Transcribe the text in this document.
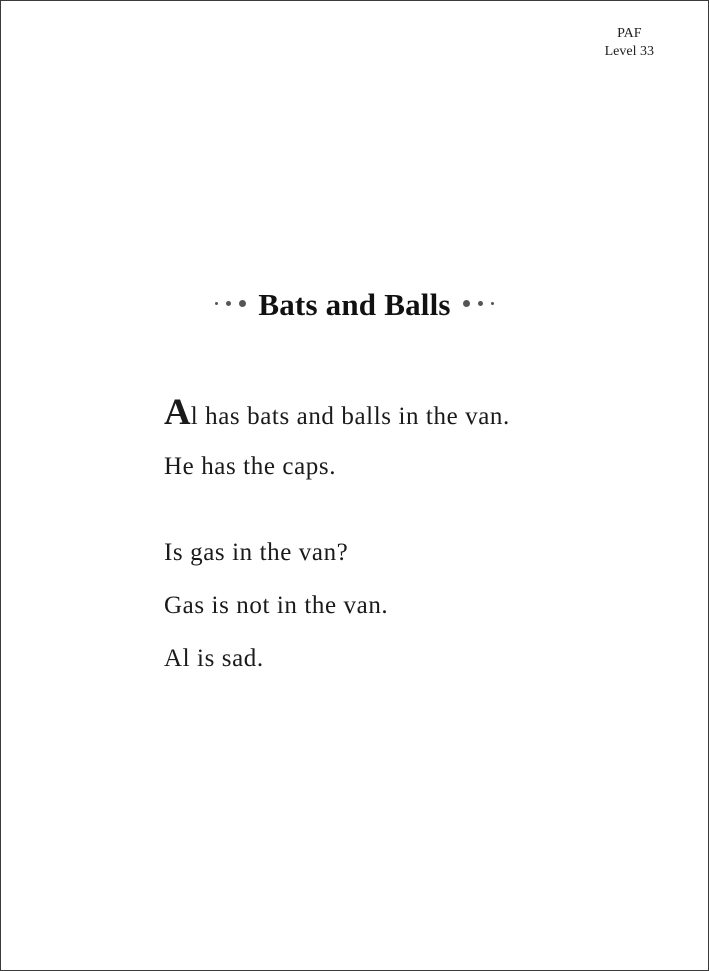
PAF
Level 33
Bats and Balls
Al has bats and balls in the van.
He has the caps.
Is gas in the van?
Gas is not in the van.
Al is sad.
